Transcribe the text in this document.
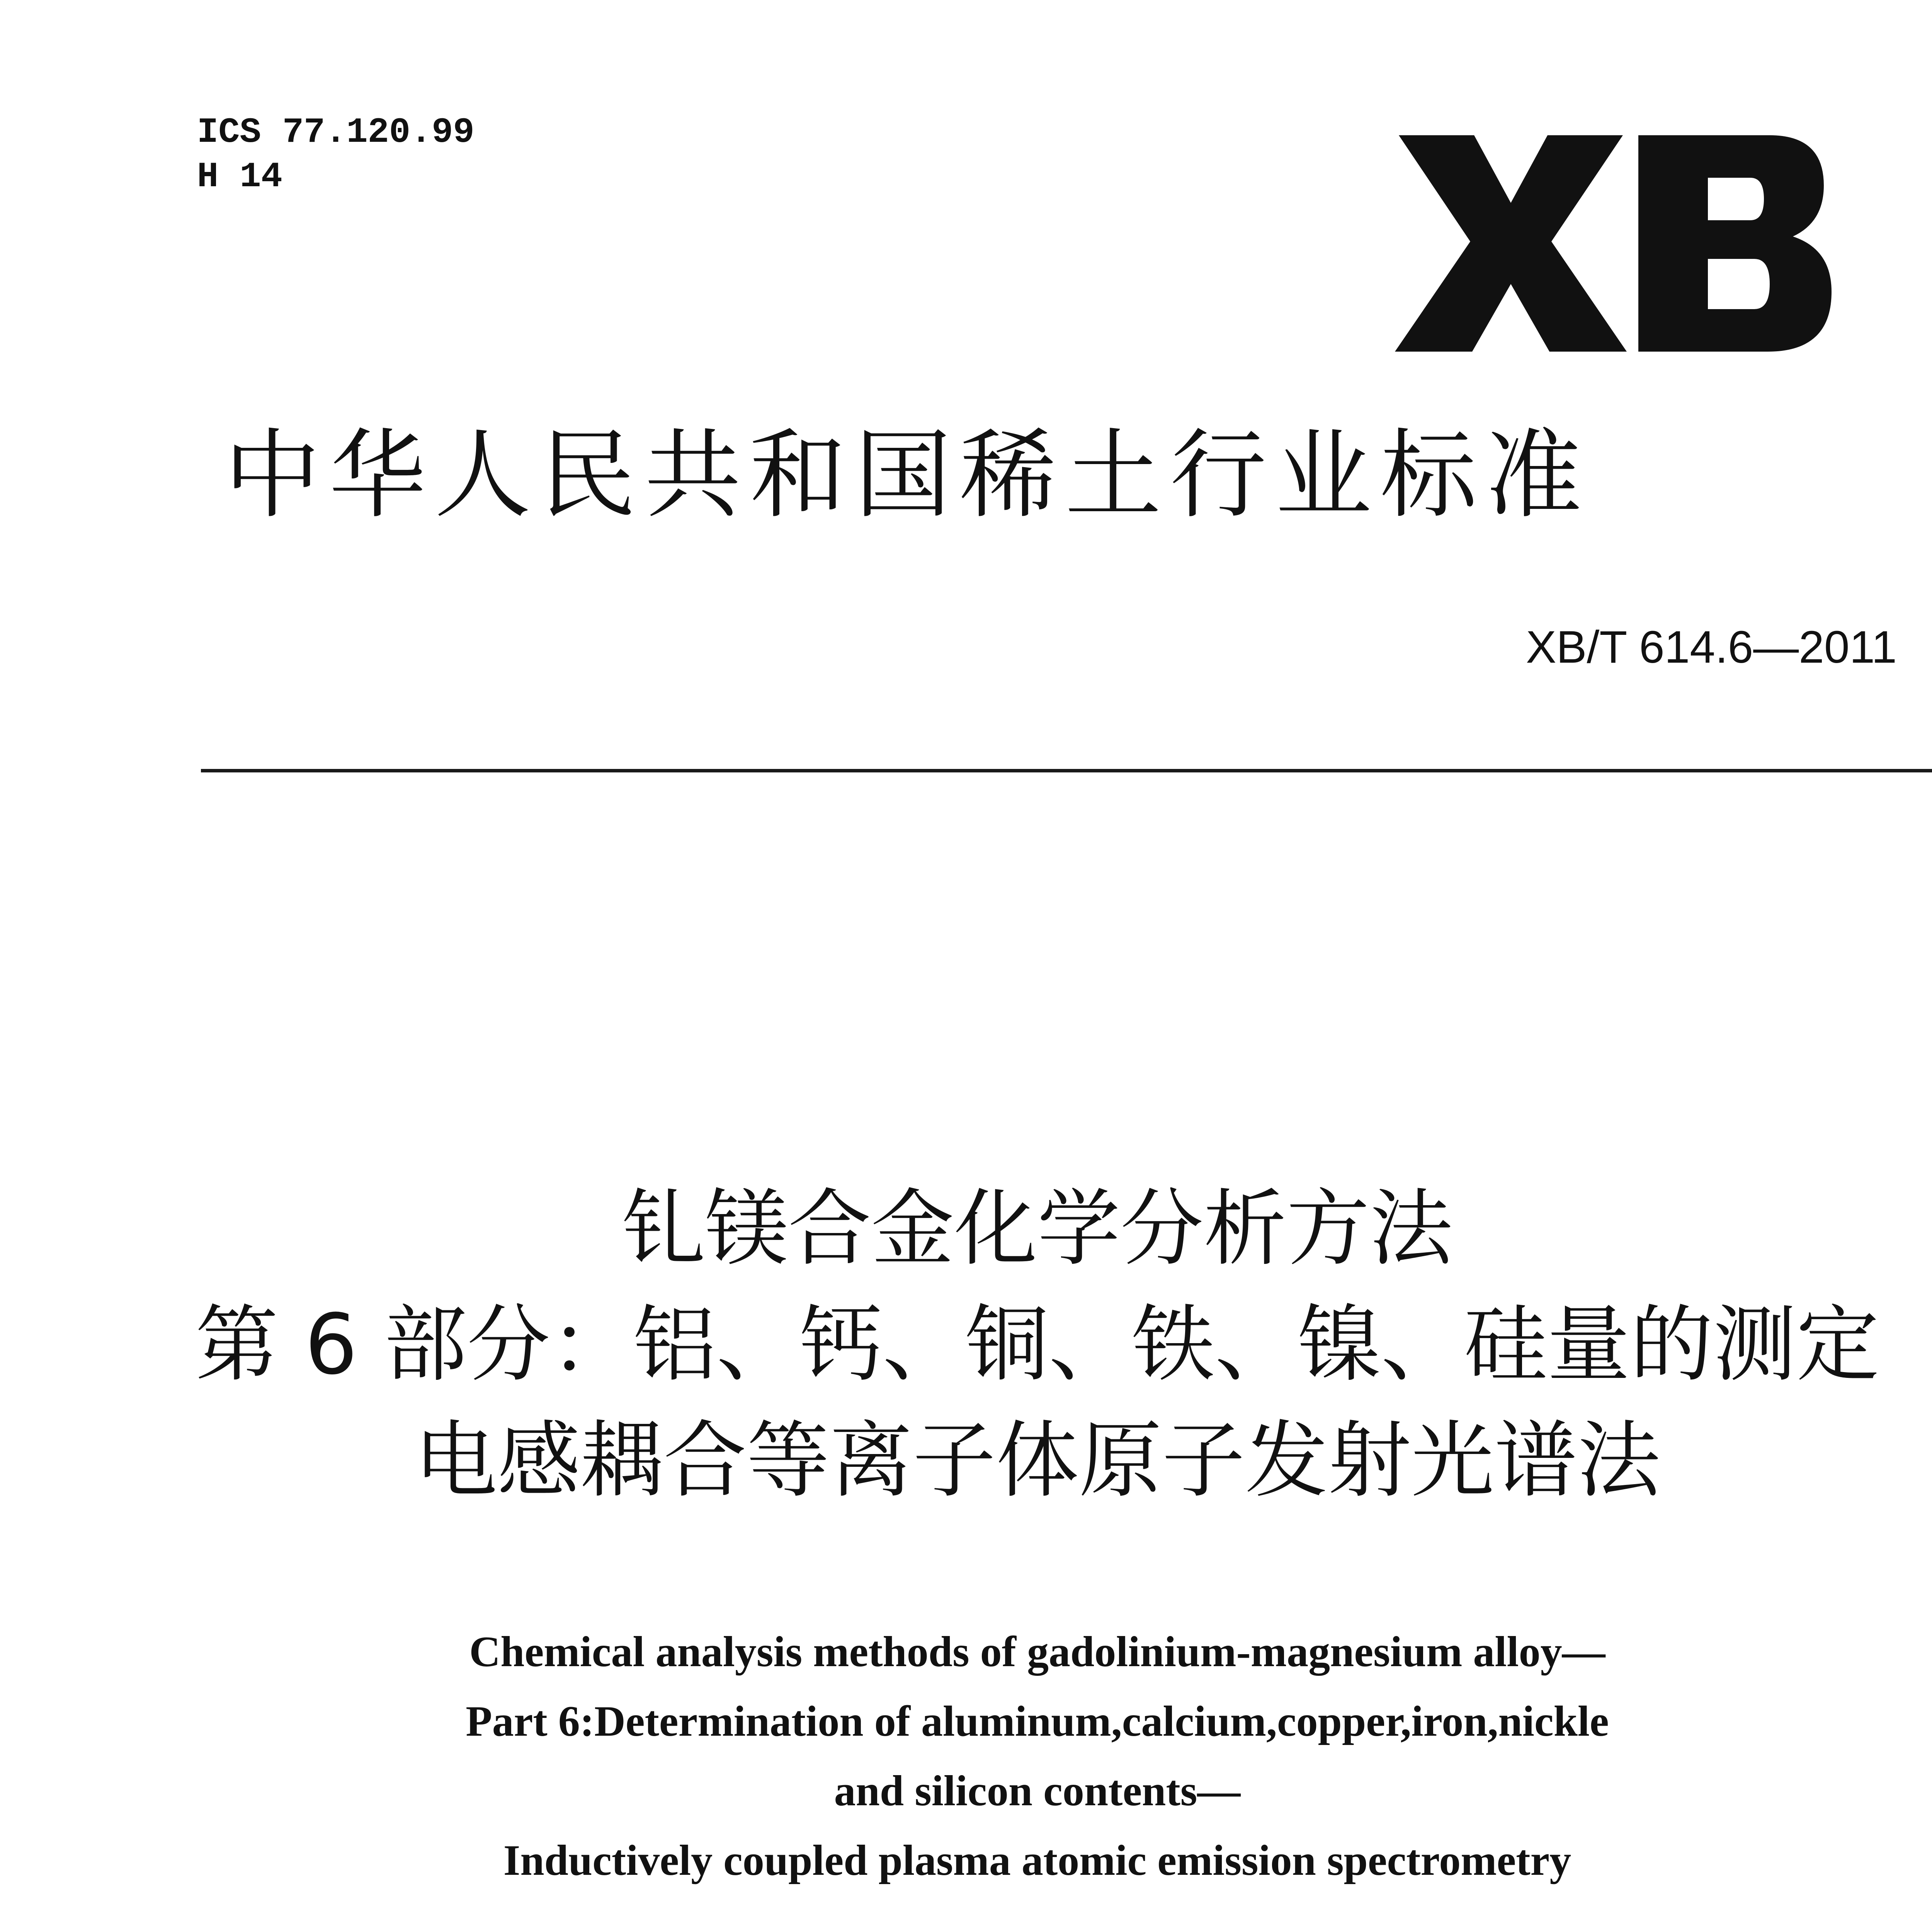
ICS 77.120.99
H 14
中华人民共和国稀土行业标准
XB/T 614.6—2011
钆镁合金化学分析方法
第 6 部分：铝、钙、铜、铁、镍、硅量的测定
电感耦合等离子体原子发射光谱法
Chemical analysis methods of gadolinium-magnesium alloy—
Part 6:Determination of aluminum,calcium,copper,iron,nickle
and silicon contents—
Inductively coupled plasma atomic emission spectrometry
